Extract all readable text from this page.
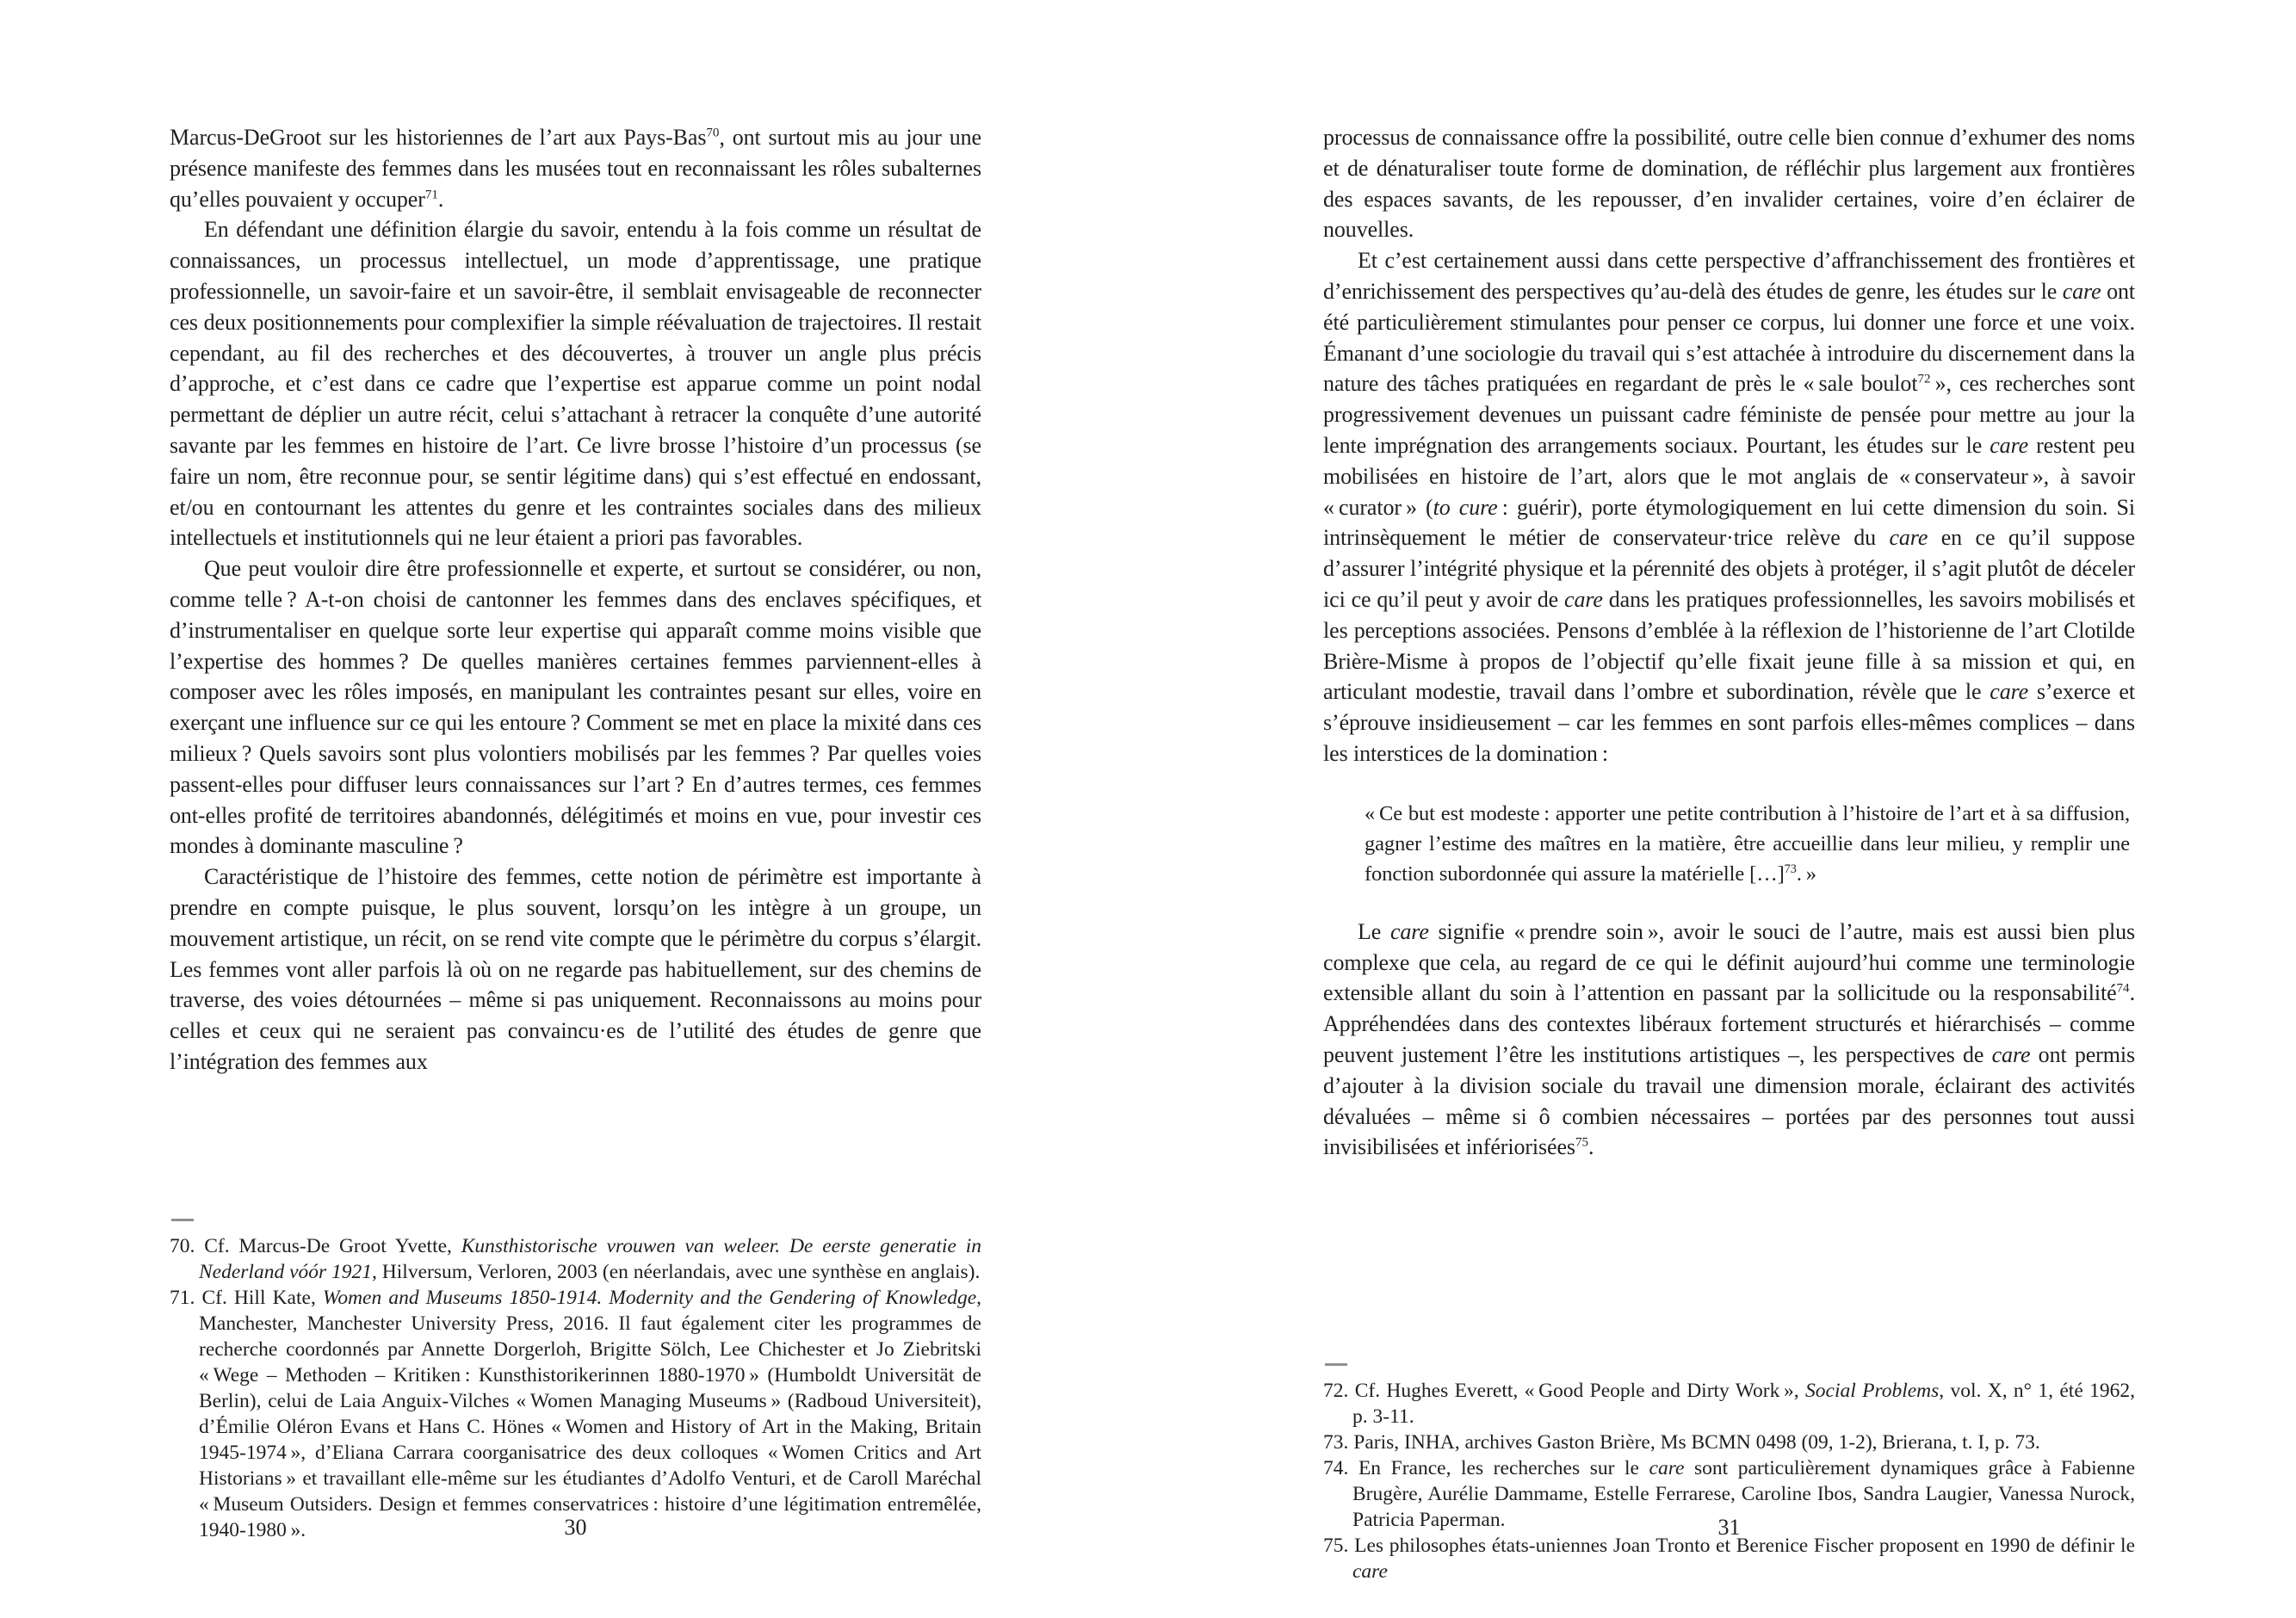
Marcus-DeGroot sur les historiennes de l’art aux Pays-Bas$^{70}$, ont surtout mis au jour une présence manifeste des femmes dans les musées tout en reconnaissant les rôles subalternes qu’elles pouvaient y occuper$^{71}$.

En défendant une définition élargie du savoir, entendu à la fois comme un résultat de connaissances, un processus intellectuel, un mode d’apprentissage, une pratique professionnelle, un savoir-faire et un savoir-être, il semblait envisageable de reconnecter ces deux positionnements pour complexifier la simple réévaluation de trajectoires. Il restait cependant, au fil des recherches et des découvertes, à trouver un angle plus précis d’approche, et c’est dans ce cadre que l’expertise est apparue comme un point nodal permettant de déplier un autre récit, celui s’attachant à retracer la conquête d’une autorité savante par les femmes en histoire de l’art. Ce livre brosse l’histoire d’un processus (se faire un nom, être reconnue pour, se sentir légitime dans) qui s’est effectué en endossant, et/ou en contournant les attentes du genre et les contraintes sociales dans des milieux intellectuels et institutionnels qui ne leur étaient a priori pas favorables.

Que peut vouloir dire être professionnelle et experte, et surtout se considérer, ou non, comme telle ? A-t-on choisi de cantonner les femmes dans des enclaves spécifiques, et d’instrumentaliser en quelque sorte leur expertise qui apparaît comme moins visible que l’expertise des hommes ? De quelles manières certaines femmes parviennent-elles à composer avec les rôles imposés, en manipulant les contraintes pesant sur elles, voire en exerçant une influence sur ce qui les entoure ? Comment se met en place la mixité dans ces milieux ? Quels savoirs sont plus volontiers mobilisés par les femmes ? Par quelles voies passent-elles pour diffuser leurs connaissances sur l’art ? En d’autres termes, ces femmes ont-elles profité de territoires abandonnés, délégitimés et moins en vue, pour investir ces mondes à dominante masculine ?

Caractéristique de l’histoire des femmes, cette notion de périmètre est importante à prendre en compte puisque, le plus souvent, lorsqu’on les intègre à un groupe, un mouvement artistique, un récit, on se rend vite compte que le périmètre du corpus s’élargit. Les femmes vont aller parfois là où on ne regarde pas habituellement, sur des chemins de traverse, des voies détournées – même si pas uniquement. Reconnaissons au moins pour celles et ceux qui ne seraient pas convaincu·es de l’utilité des études de genre que l’intégration des femmes aux

70. Cf. Marcus-De Groot Yvette, Kunsthistorische vrouwen van weleer. De eerste generatie in Nederland vóór 1921, Hilversum, Verloren, 2003 (en néerlandais, avec une synthèse en anglais).

71. Cf. Hill Kate, Women and Museums 1850-1914. Modernity and the Gendering of Knowledge, Manchester, Manchester University Press, 2016. Il faut également citer les programmes de recherche coordonnés par Annette Dorgerloh, Brigitte Sölch, Lee Chichester et Jo Ziebritski « Wege – Methoden – Kritiken : Kunsthistorikerinnen 1880-1970 » (Humboldt Universität de Berlin), celui de Laia Anguix-Vilches « Women Managing Museums » (Radboud Universiteit), d’Émilie Oléron Evans et Hans C. Hönes « Women and History of Art in the Making, Britain 1945-1974 », d’Eliana Carrara coorganisatrice des deux colloques « Women Critics and Art Historians » et travaillant elle-même sur les étudiantes d’Adolfo Venturi, et de Caroll Maréchal « Museum Outsiders. Design et femmes conservatrices : histoire d’une légitimation entremêlée, 1940-1980 ».	30

processus de connaissance offre la possibilité, outre celle bien connue d’exhumer des noms et de dénaturaliser toute forme de domination, de réfléchir plus largement aux frontières des espaces savants, de les repousser, d’en invalider certaines, voire d’en éclairer de nouvelles.

Et c’est certainement aussi dans cette perspective d’affranchissement des frontières et d’enrichissement des perspectives qu’au-delà des études de genre, les études sur le care ont été particulièrement stimulantes pour penser ce corpus, lui donner une force et une voix. Émanant d’une sociologie du travail qui s’est attachée à introduire du discernement dans la nature des tâches pratiquées en regardant de près le « sale boulot$^{72}$ », ces recherches sont progressivement devenues un puissant cadre féministe de pensée pour mettre au jour la lente imprégnation des arrangements sociaux. Pourtant, les études sur le care restent peu mobilisées en histoire de l’art, alors que le mot anglais de « conservateur », à savoir « curator » (to cure : guérir), porte étymologiquement en lui cette dimension du soin. Si intrinsèquement le métier de conservateur·trice relève du care en ce qu’il suppose d’assurer l’intégrité physique et la pérennité des objets à protéger, il s’agit plutôt de déceler ici ce qu’il peut y avoir de care dans les pratiques professionnelles, les savoirs mobilisés et les perceptions associées. Pensons d’emblée à la réflexion de l’historienne de l’art Clotilde Brière-Misme à propos de l’objectif qu’elle fixait jeune fille à sa mission et qui, en articulant modestie, travail dans l’ombre et subordination, révèle que le care s’exerce et s’éprouve insidieusement – car les femmes en sont parfois elles-mêmes complices – dans les interstices de la domination :

« Ce but est modeste : apporter une petite contribution à l’histoire de l’art et à sa diffusion, gagner l’estime des maîtres en la matière, être accueillie dans leur milieu, y remplir une fonction subordonnée qui assure la matérielle […]$^{73}$. »

Le care signifie « prendre soin », avoir le souci de l’autre, mais est aussi bien plus complexe que cela, au regard de ce qui le définit aujourd’hui comme une terminologie extensible allant du soin à l’attention en passant par la sollicitude ou la responsabilité$^{74}$. Appréhendées dans des contextes libéraux fortement structurés et hiérarchisés – comme peuvent justement l’être les institutions artistiques –, les perspectives de care ont permis d’ajouter à la division sociale du travail une dimension morale, éclairant des activités dévaluées – même si ô combien nécessaires – portées par des personnes tout aussi invisibilisées et infériorisées$^{75}$.

72. Cf. Hughes Everett, « Good People and Dirty Work », Social Problems, vol. X, n° 1, été 1962, p. 3-11.

73. Paris, INHA, archives Gaston Brière, Ms BCMN 0498 (09, 1-2), Brierana, t. I, p. 73.

74. En France, les recherches sur le care sont particulièrement dynamiques grâce à Fabienne Brugère, Aurélie Dammame, Estelle Ferrarese, Caroline Ibos, Sandra Laugier, Vanessa Nurock, Patricia Paperman.

75. Les philosophes états-uniennes Joan Tronto et Berenice Fischer proposent en 1990 de définir le care

31
